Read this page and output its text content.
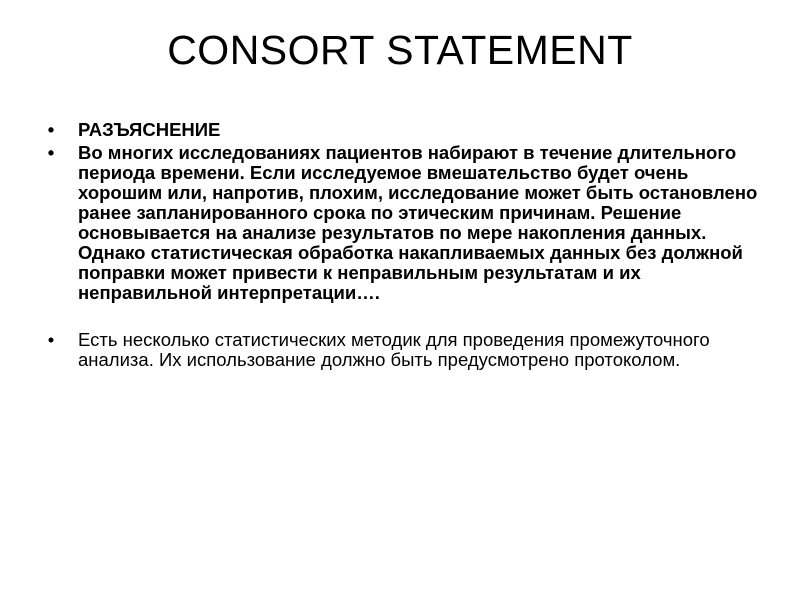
CONSORT STATEMENT
• РАЗЪЯСНЕНИЕ
• Во многих исследованиях пациентов набирают в течение длительного периода времени. Если исследуемое вмешательство будет очень хорошим или, напротив, плохим, исследование может быть остановлено ранее запланированного срока по этическим причинам. Решение основывается на анализе результатов по мере накопления данных. Однако статистическая обработка накапливаемых данных без должной поправки может привести к неправильным результатам и их неправильной интерпретации….
• Есть несколько статистических методик для проведения промежуточного анализа. Их использование должно быть предусмотрено протоколом.
